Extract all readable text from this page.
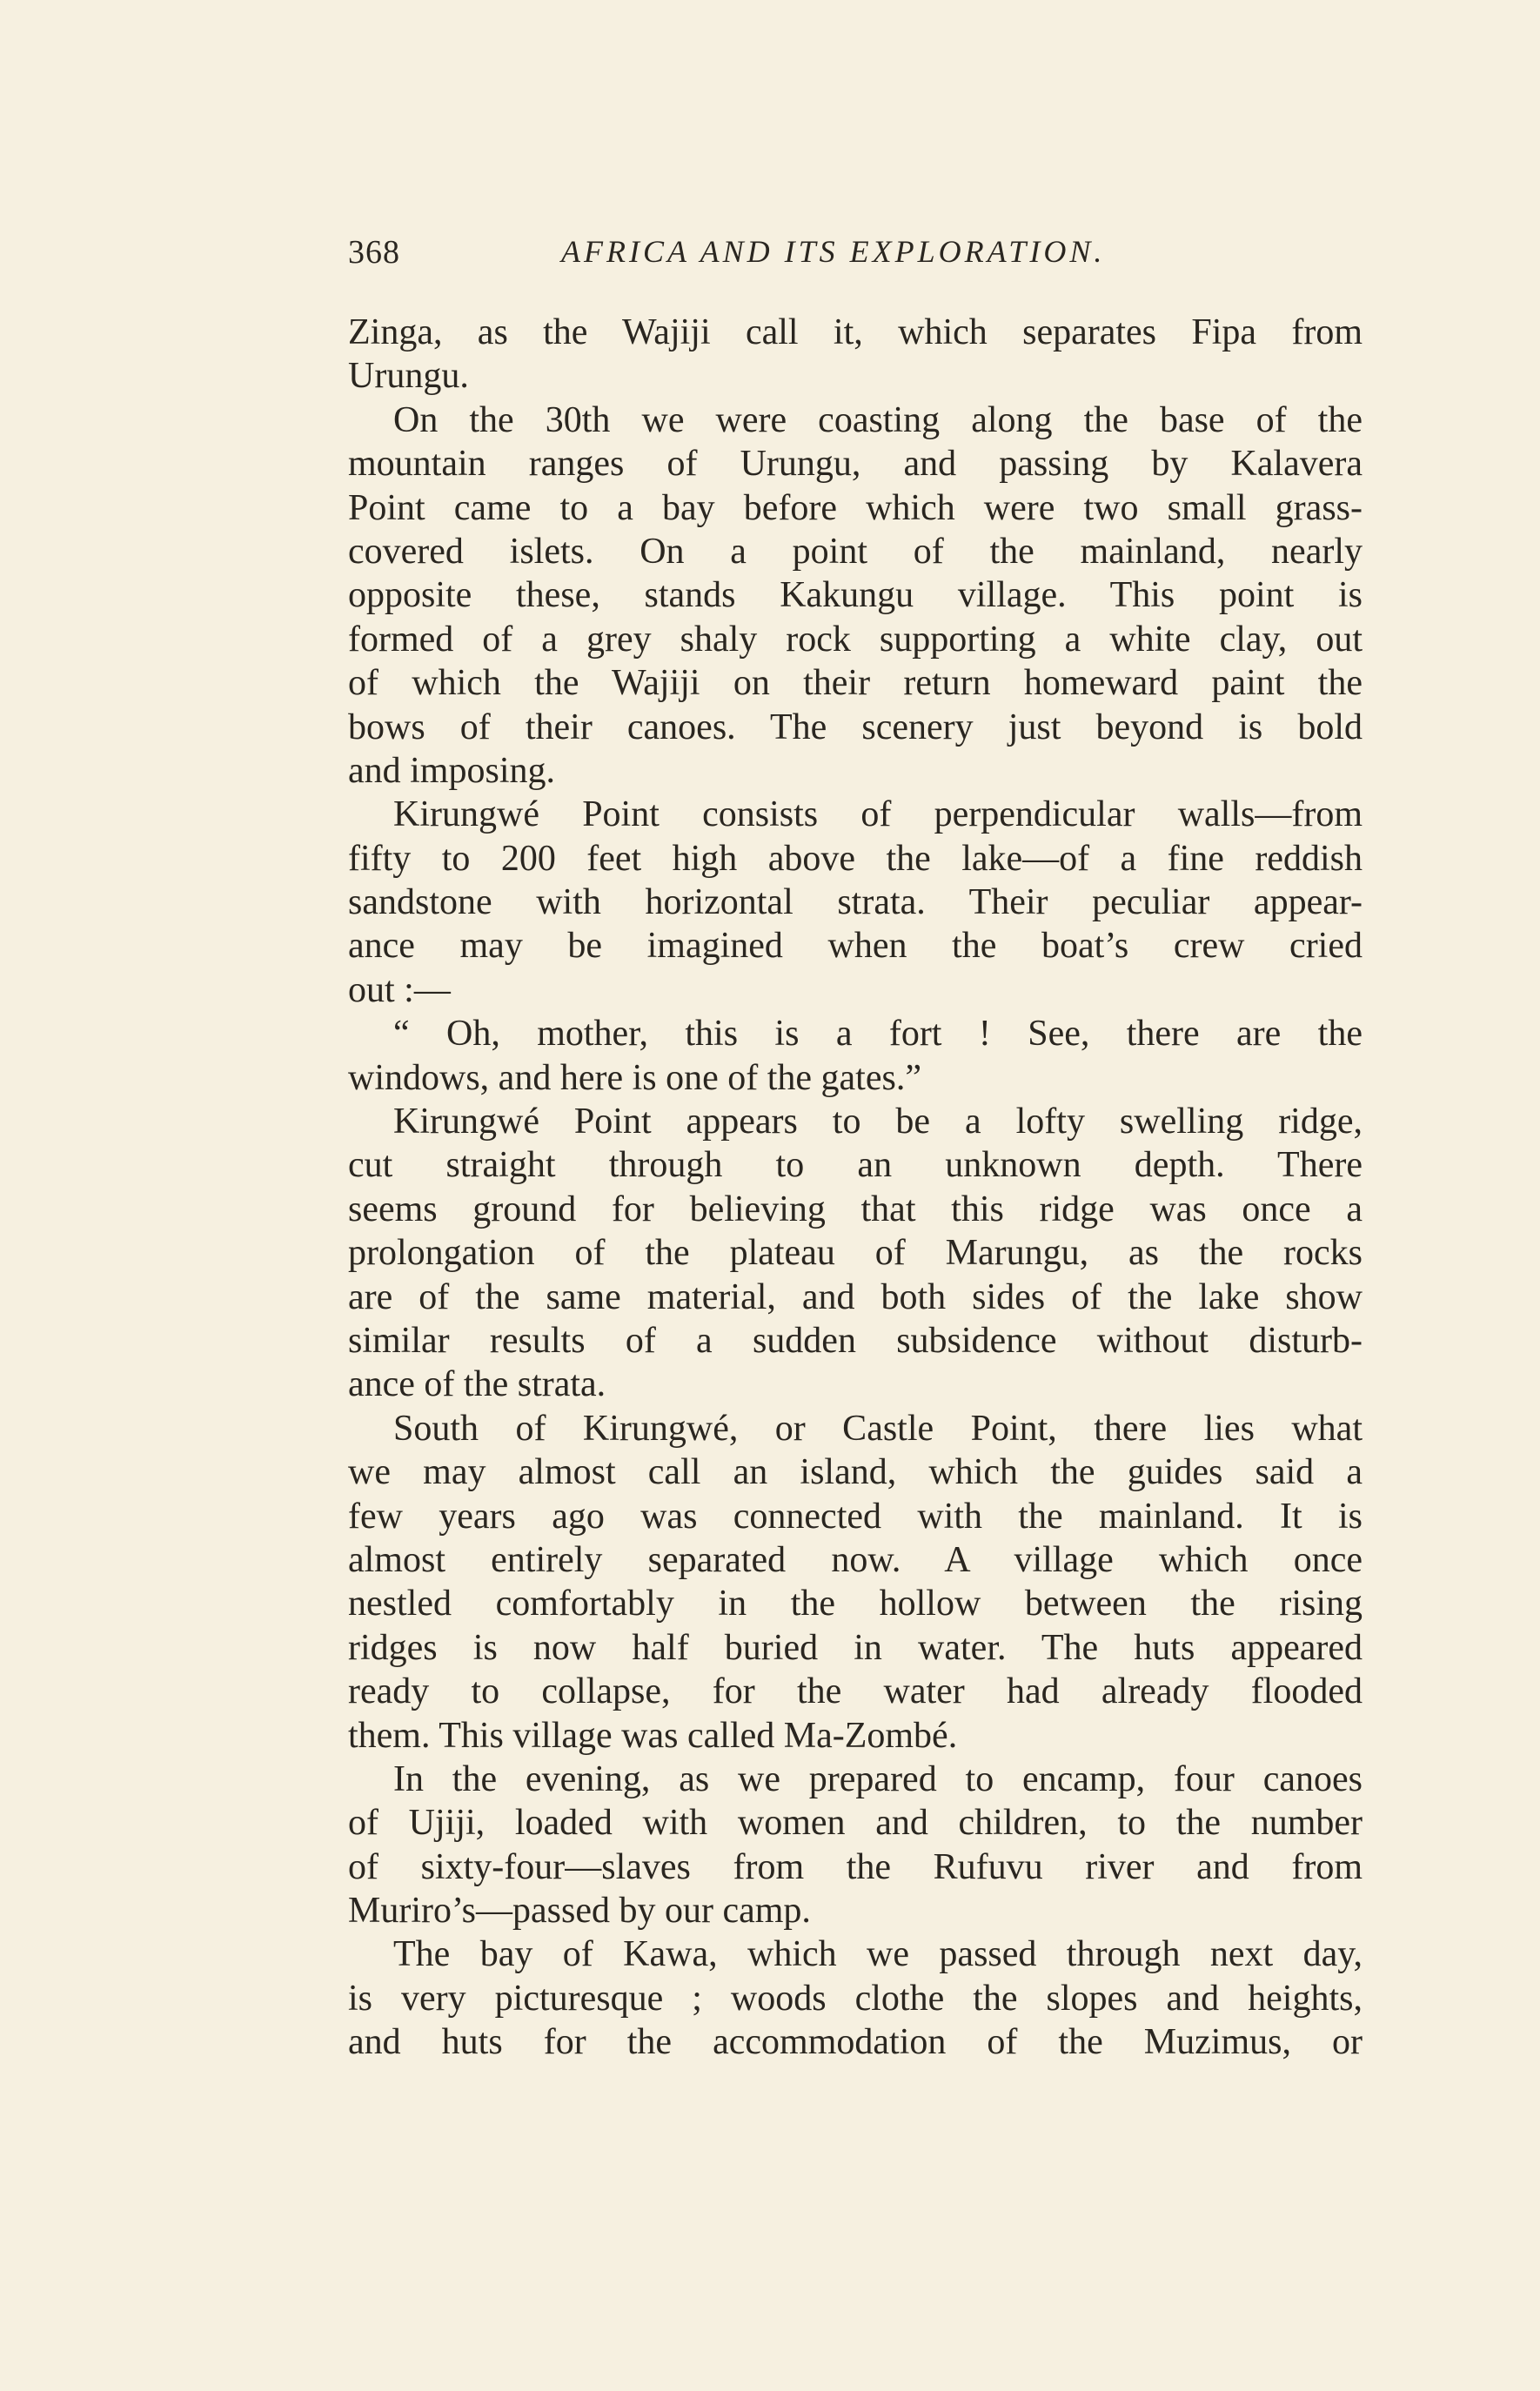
368	AFRICA AND ITS EXPLORATION.
Zinga, as the Wajiji call it, which separates Fipa from
Urungu.
On the 30th we were coasting along the base of the
mountain ranges of Urungu, and passing by Kalavera
Point came to a bay before which were two small grass-
covered islets. On a point of the mainland, nearly
opposite these, stands Kakungu village. This point is
formed of a grey shaly rock supporting a white clay, out
of which the Wajiji on their return homeward paint the
bows of their canoes. The scenery just beyond is bold
and imposing.
Kirungwé Point consists of perpendicular walls—from
fifty to 200 feet high above the lake—of a fine reddish
sandstone with horizontal strata. Their peculiar appear-
ance may be imagined when the boat’s crew cried
out :—
“ Oh, mother, this is a fort ! See, there are the
windows, and here is one of the gates.”
Kirungwé Point appears to be a lofty swelling ridge,
cut straight through to an unknown depth. There
seems ground for believing that this ridge was once a
prolongation of the plateau of Marungu, as the rocks
are of the same material, and both sides of the lake show
similar results of a sudden subsidence without disturb-
ance of the strata.
South of Kirungwé, or Castle Point, there lies what
we may almost call an island, which the guides said a
few years ago was connected with the mainland. It is
almost entirely separated now. A village which once
nestled comfortably in the hollow between the rising
ridges is now half buried in water. The huts appeared
ready to collapse, for the water had already flooded
them. This village was called Ma-Zombé.
In the evening, as we prepared to encamp, four canoes
of Ujiji, loaded with women and children, to the number
of sixty-four—slaves from the Rufuvu river and from
Muriro’s—passed by our camp.
The bay of Kawa, which we passed through next day,
is very picturesque ; woods clothe the slopes and heights,
and huts for the accommodation of the Muzimus, or
